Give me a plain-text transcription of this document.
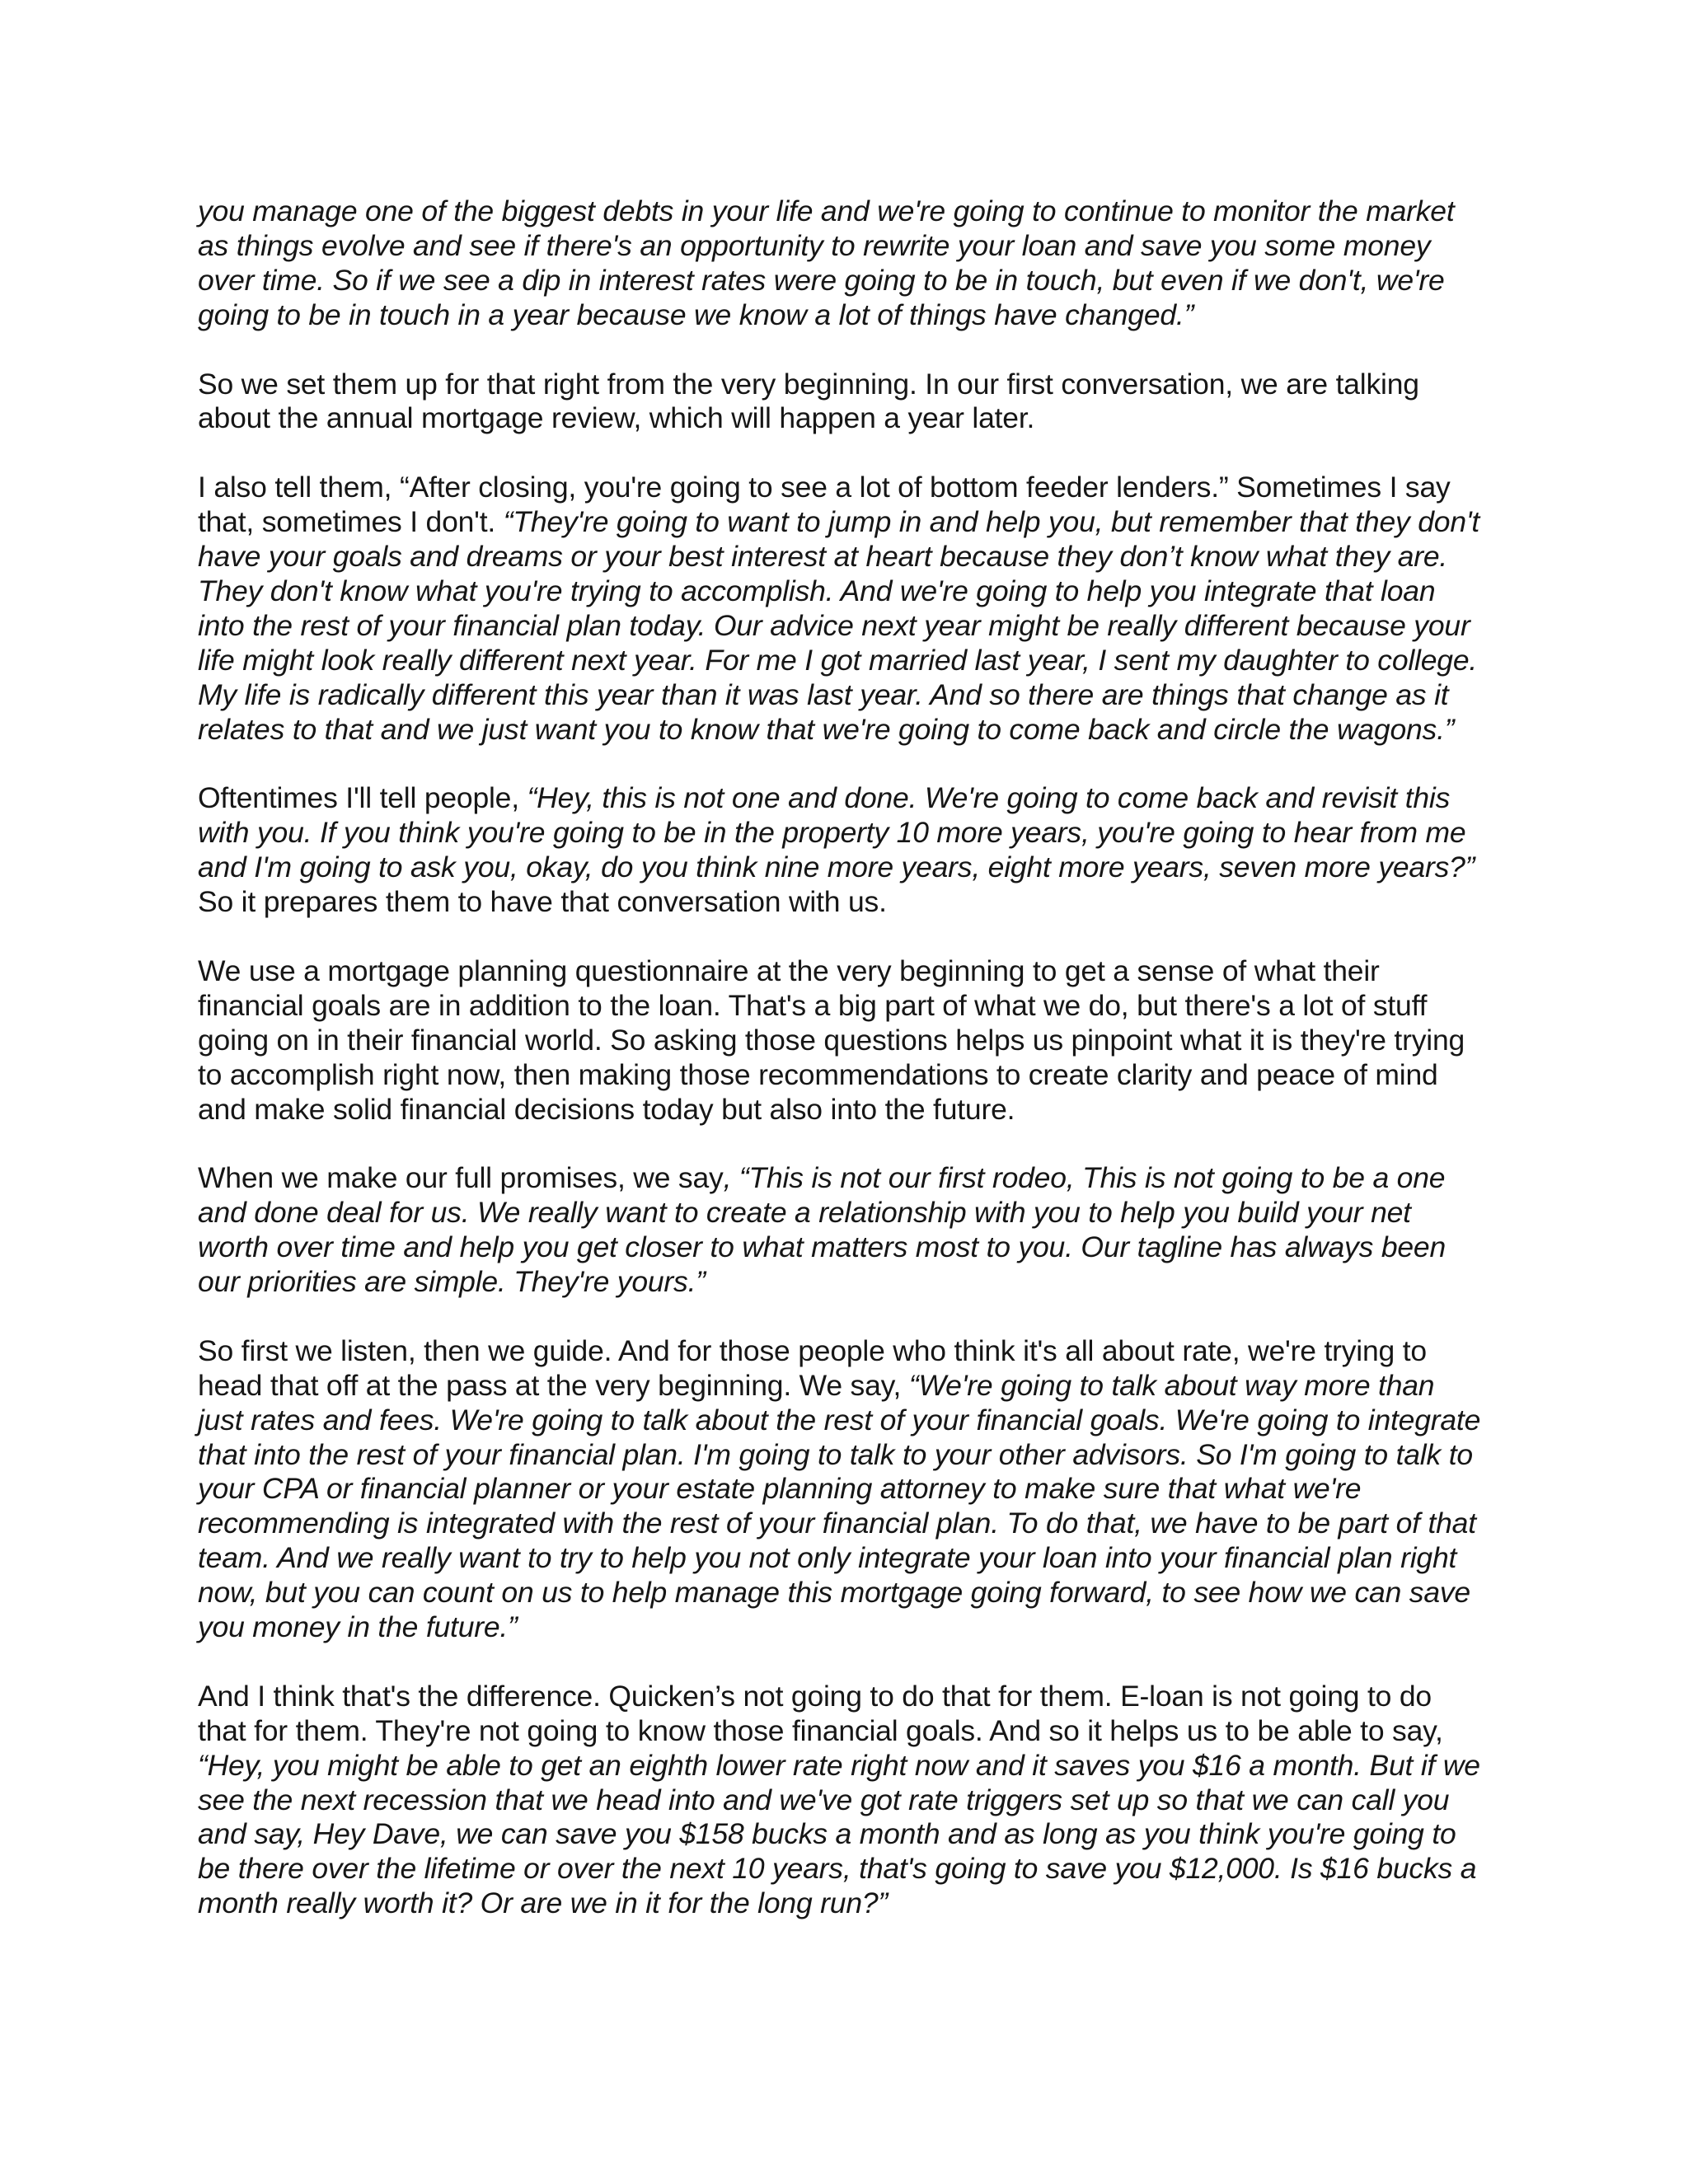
you manage one of the biggest debts in your life and we're going to continue to monitor the market as things evolve and see if there's an opportunity to rewrite your loan and save you some money over time. So if we see a dip in interest rates were going to be in touch, but even if we don't, we're going to be in touch in a year because we know a lot of things have changed.”

So we set them up for that right from the very beginning. In our first conversation, we are talking about the annual mortgage review, which will happen a year later.

I also tell them, “After closing, you're going to see a lot of bottom feeder lenders.” Sometimes I say that, sometimes I don't. “They're going to want to jump in and help you, but remember that they don't have your goals and dreams or your best interest at heart because they don’t know what they are. They don't know what you're trying to accomplish. And we're going to help you integrate that loan into the rest of your financial plan today. Our advice next year might be really different because your life might look really different next year. For me I got married last year, I sent my daughter to college. My life is radically different this year than it was last year. And so there are things that change as it relates to that and we just want you to know that we're going to come back and circle the wagons.”

Oftentimes I'll tell people, “Hey, this is not one and done. We're going to come back and revisit this with you. If you think you're going to be in the property 10 more years, you're going to hear from me and I'm going to ask you, okay, do you think nine more years, eight more years, seven more years?” So it prepares them to have that conversation with us.

We use a mortgage planning questionnaire at the very beginning to get a sense of what their financial goals are in addition to the loan. That's a big part of what we do, but there's a lot of stuff going on in their financial world. So asking those questions helps us pinpoint what it is they're trying to accomplish right now, then making those recommendations to create clarity and peace of mind and make solid financial decisions today but also into the future.

When we make our full promises, we say, “This is not our first rodeo, This is not going to be a one and done deal for us. We really want to create a relationship with you to help you build your net worth over time and help you get closer to what matters most to you. Our tagline has always been our priorities are simple. They're yours.”

So first we listen, then we guide. And for those people who think it's all about rate, we're trying to head that off at the pass at the very beginning. We say, “We're going to talk about way more than just rates and fees. We're going to talk about the rest of your financial goals. We're going to integrate that into the rest of your financial plan. I'm going to talk to your other advisors. So I'm going to talk to your CPA or financial planner or your estate planning attorney to make sure that what we're recommending is integrated with the rest of your financial plan. To do that, we have to be part of that team. And we really want to try to help you not only integrate your loan into your financial plan right now, but you can count on us to help manage this mortgage going forward, to see how we can save you money in the future.”

And I think that's the difference. Quicken’s not going to do that for them. E-loan is not going to do that for them. They're not going to know those financial goals. And so it helps us to be able to say, “Hey, you might be able to get an eighth lower rate right now and it saves you $16 a month. But if we see the next recession that we head into and we've got rate triggers set up so that we can call you and say, Hey Dave, we can save you $158 bucks a month and as long as you think you're going to be there over the lifetime or over the next 10 years, that's going to save you $12,000. Is $16 bucks a month really worth it? Or are we in it for the long run?”
